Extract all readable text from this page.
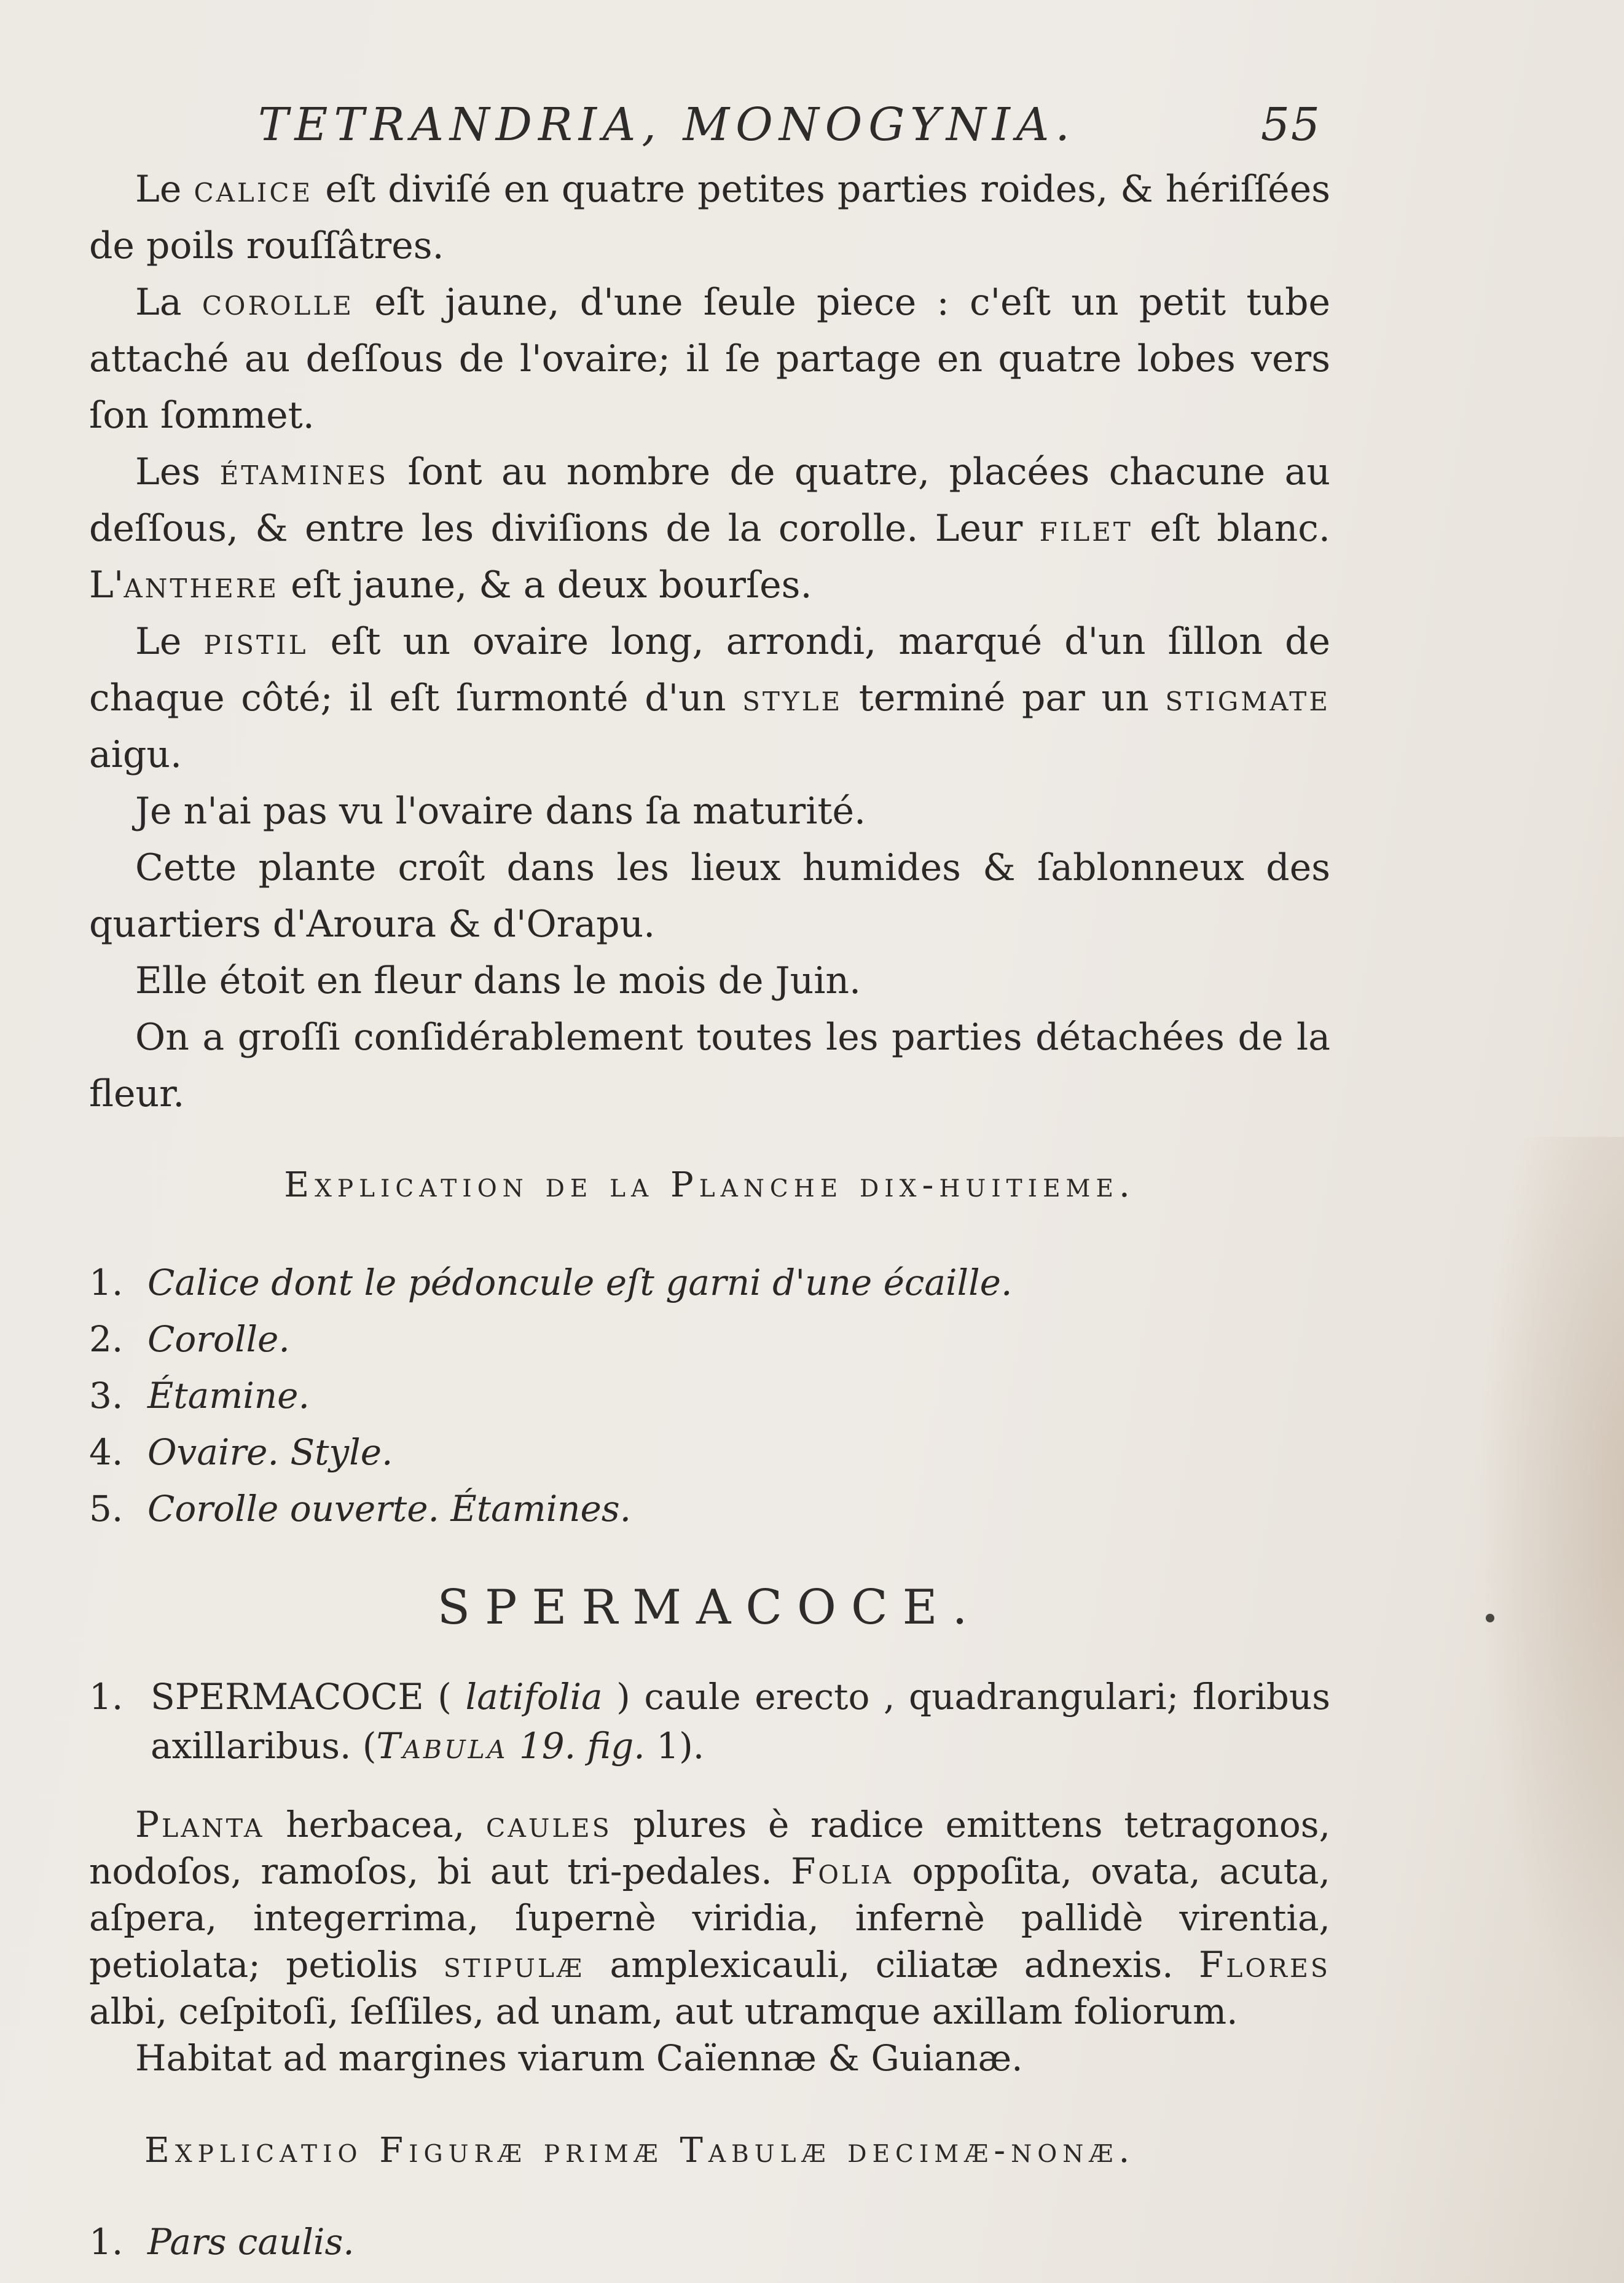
TETRANDRIA, MONOGYNIA.	55

Le calice eſt diviſé en quatre petites parties roides, & hériſſées de poils rouſſâtres.

La corolle eſt jaune, d'une ſeule piece : c'eſt un petit tube attaché au deſſous de l'ovaire; il ſe partage en quatre lobes vers ſon ſommet.

Les étamines ſont au nombre de quatre, placées chacune au deſſous, & entre les diviſions de la corolle. Leur filet eſt blanc. L'anthere eſt jaune, & a deux bourſes.

Le pistil eſt un ovaire long, arrondi, marqué d'un ſillon de chaque côté; il eſt ſurmonté d'un style terminé par un stigmate aigu.

Je n'ai pas vu l'ovaire dans ſa maturité.

Cette plante croît dans les lieux humides & ſablonneux des quartiers d'Aroura & d'Orapu.

Elle étoit en fleur dans le mois de Juin.

On a groſſi conſidérablement toutes les parties détachées de la fleur.

Explication de la Planche dix-huitieme.
1. Calice dont le pédoncule eſt garni d'une écaille.
2. Corolle.
3. Étamine.
4. Ovaire. Style.
5. Corolle ouverte. Étamines.
SPERMACOCE.
1. SPERMACOCE ( latifolia ) caule erecto , quadrangulari; floribus axillaribus. (Tabula 19. fig. 1).

Planta herbacea, caules plures è radice emittens tetragonos, nodoſos, ramoſos, bi aut tri-pedales. Folia oppoſita, ovata, acuta, aſpera, integerrima, ſupernè viridia, infernè pallidè virentia, petiolata; petiolis stipulæ amplexicauli, ciliatæ adnexis. Flores albi, ceſpitoſi, ſeſſiles, ad unam, aut utramque axillam foliorum.

Habitat ad margines viarum Caïennæ & Guianæ.

Explicatio Figuræ primæ Tabulæ decimæ-nonæ.
1. Pars caulis.
